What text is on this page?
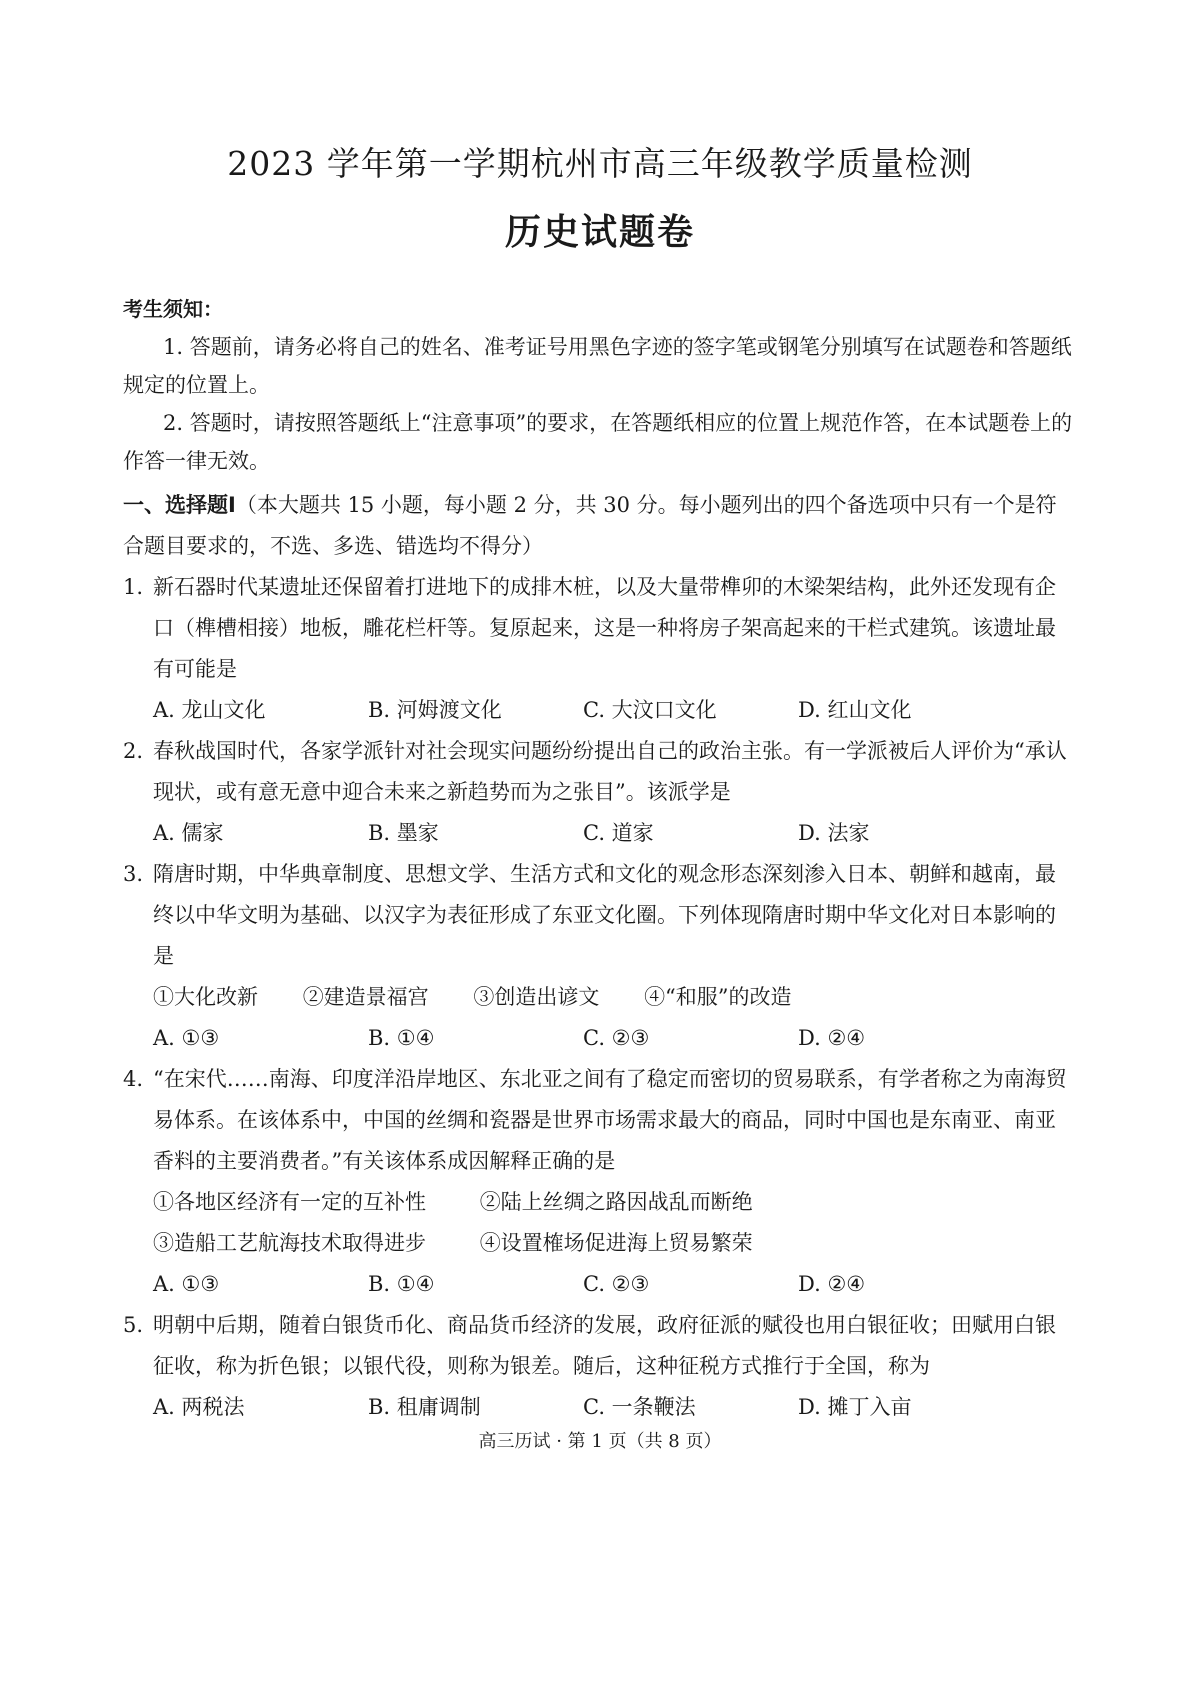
2023 学年第一学期杭州市高三年级教学质量检测
历史试题卷
考生须知：

1. 答题前，请务必将自己的姓名、准考证号用黑色字迹的签字笔或钢笔分别填写在试题卷和答题纸规定的位置上。

2. 答题时，请按照答题纸上“注意事项”的要求，在答题纸相应的位置上规范作答，在本试题卷上的作答一律无效。

一、选择题Ⅰ（本大题共 15 小题，每小题 2 分，共 30 分。每小题列出的四个备选项中只有一个是符合题目要求的，不选、多选、错选均不得分）
1. 新石器时代某遗址还保留着打进地下的成排木桩，以及大量带榫卯的木梁架结构，此外还发现有企口（榫槽相接）地板，雕花栏杆等。复原起来，这是一种将房子架高起来的干栏式建筑。该遗址最有可能是
A. 龙山文化	B. 河姆渡文化	C. 大汶口文化	D. 红山文化
2. 春秋战国时代，各家学派针对社会现实问题纷纷提出自己的政治主张。有一学派被后人评价为“承认现状，或有意无意中迎合未来之新趋势而为之张目”。该派学是
A. 儒家	B. 墨家	C. 道家	D. 法家
3. 隋唐时期，中华典章制度、思想文学、生活方式和文化的观念形态深刻渗入日本、朝鲜和越南，最终以中华文明为基础、以汉字为表征形成了东亚文化圈。下列体现隋唐时期中华文化对日本影响的是
①大化改新 ②建造景福宫 ③创造出谚文 ④“和服”的改造
A. ①③	B. ①④	C. ②③	D. ②④
4. “在宋代……南海、印度洋沿岸地区、东北亚之间有了稳定而密切的贸易联系，有学者称之为南海贸易体系。在该体系中，中国的丝绸和瓷器是世界市场需求最大的商品，同时中国也是东南亚、南亚香料的主要消费者。”有关该体系成因解释正确的是
①各地区经济有一定的互补性	②陆上丝绸之路因战乱而断绝
③造船工艺航海技术取得进步	④设置榷场促进海上贸易繁荣
A. ①③	B. ①④	C. ②③	D. ②④
5. 明朝中后期，随着白银货币化、商品货币经济的发展，政府征派的赋役也用白银征收；田赋用白银征收，称为折色银；以银代役，则称为银差。随后，这种征税方式推行于全国，称为
A. 两税法	B. 租庸调制	C. 一条鞭法	D. 摊丁入亩
高三历试 · 第 1 页（共 8 页）
